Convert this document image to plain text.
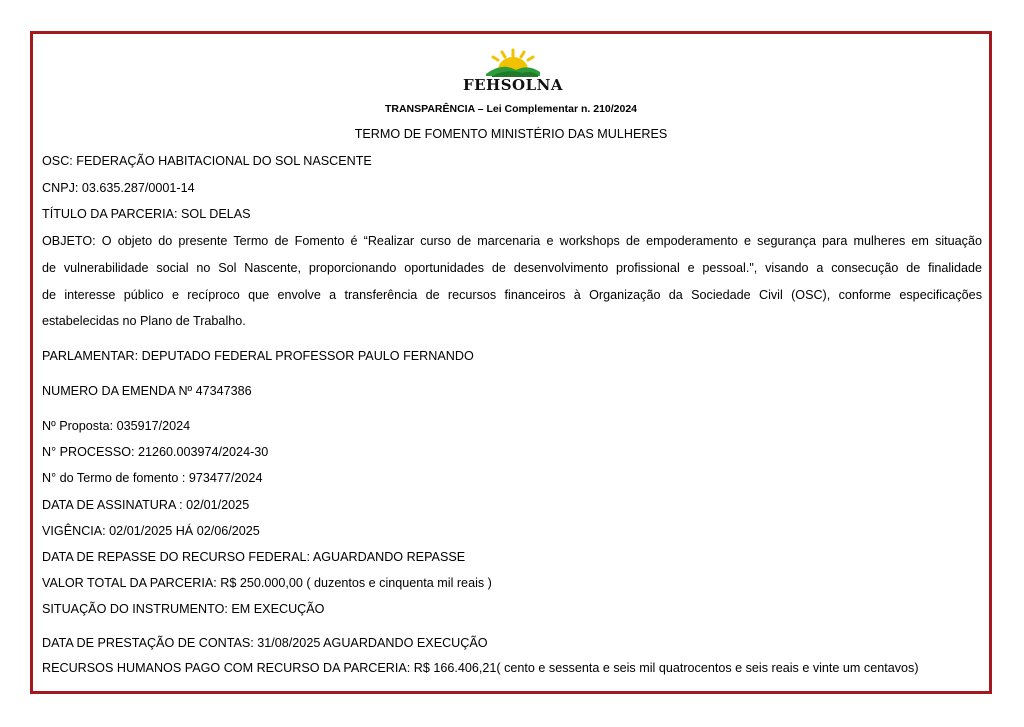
FEHSOLNA
TRANSPARÊNCIA – Lei Complementar n. 210/2024
TERMO DE FOMENTO MINISTÉRIO DAS MULHERES
OSC: FEDERAÇÃO HABITACIONAL DO SOL NASCENTE
CNPJ: 03.635.287/0001-14
TÍTULO DA PARCERIA: SOL DELAS
OBJETO: O objeto do presente Termo de Fomento é “Realizar curso de marcenaria e workshops de empoderamento e segurança para mulheres em situação
de vulnerabilidade social no Sol Nascente, proporcionando oportunidades de desenvolvimento profissional e pessoal.", visando a consecução de finalidade
de interesse público e recíproco que envolve a transferência de recursos financeiros à Organização da Sociedade Civil (OSC), conforme especificações
estabelecidas no Plano de Trabalho.
PARLAMENTAR: DEPUTADO FEDERAL PROFESSOR PAULO FERNANDO
NUMERO DA EMENDA Nº 47347386
Nº Proposta: 035917/2024
N° PROCESSO: 21260.003974/2024-30
N° do Termo de fomento : 973477/2024
DATA DE ASSINATURA : 02/01/2025
VIGÊNCIA: 02/01/2025 HÁ 02/06/2025
DATA DE REPASSE DO RECURSO FEDERAL: AGUARDANDO REPASSE
VALOR TOTAL DA PARCERIA: R$ 250.000,00 ( duzentos e cinquenta mil reais )
SITUAÇÃO DO INSTRUMENTO: EM EXECUÇÃO
DATA DE PRESTAÇÃO DE CONTAS: 31/08/2025 AGUARDANDO EXECUÇÃO
RECURSOS HUMANOS PAGO COM RECURSO DA PARCERIA: R$ 166.406,21( cento e sessenta e seis mil quatrocentos e seis reais e vinte um centavos)
